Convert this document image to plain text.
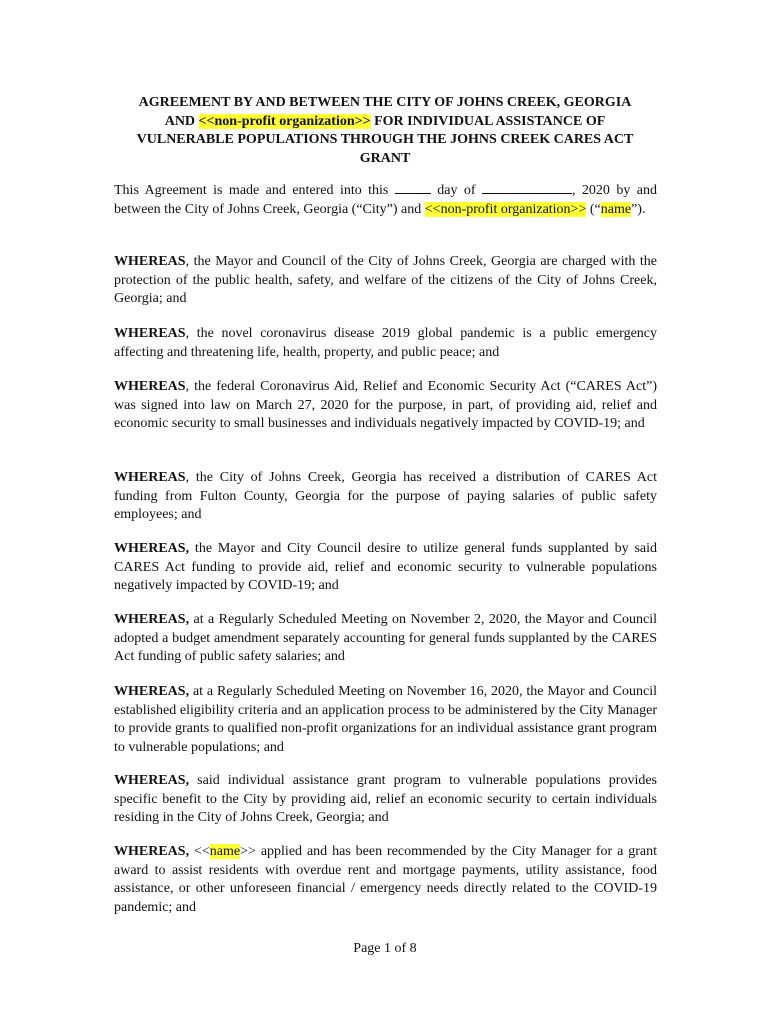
AGREEMENT BY AND BETWEEN THE CITY OF JOHNS CREEK, GEORGIA
AND <<non-profit organization>> FOR INDIVIDUAL ASSISTANCE OF
VULNERABLE POPULATIONS THROUGH THE JOHNS CREEK CARES ACT
GRANT
This Agreement is made and entered into this	day of	, 2020 by and between the City of Johns Creek, Georgia (“City”) and <<non-profit organization>> (“name”).
WHEREAS, the Mayor and Council of the City of Johns Creek, Georgia are charged with the protection of the public health, safety, and welfare of the citizens of the City of Johns Creek, Georgia; and
WHEREAS, the novel coronavirus disease 2019 global pandemic is a public emergency affecting and threatening life, health, property, and public peace; and
WHEREAS, the federal Coronavirus Aid, Relief and Economic Security Act (“CARES Act”) was signed into law on March 27, 2020 for the purpose, in part, of providing aid, relief and economic security to small businesses and individuals negatively impacted by COVID-19; and
WHEREAS, the City of Johns Creek, Georgia has received a distribution of CARES Act funding from Fulton County, Georgia for the purpose of paying salaries of public safety employees; and
WHEREAS, the Mayor and City Council desire to utilize general funds supplanted by said CARES Act funding to provide aid, relief and economic security to vulnerable populations negatively impacted by COVID-19; and
WHEREAS, at a Regularly Scheduled Meeting on November 2, 2020, the Mayor and Council adopted a budget amendment separately accounting for general funds supplanted by the CARES Act funding of public safety salaries; and
WHEREAS, at a Regularly Scheduled Meeting on November 16, 2020, the Mayor and Council established eligibility criteria and an application process to be administered by the City Manager to provide grants to qualified non-profit organizations for an individual assistance grant program to vulnerable populations; and
WHEREAS, said individual assistance grant program to vulnerable populations provides specific benefit to the City by providing aid, relief an economic security to certain individuals residing in the City of Johns Creek, Georgia; and
WHEREAS, <<name>> applied and has been recommended by the City Manager for a grant award to assist residents with overdue rent and mortgage payments, utility assistance, food assistance, or other unforeseen financial / emergency needs directly related to the COVID-19 pandemic; and
Page 1 of 8
